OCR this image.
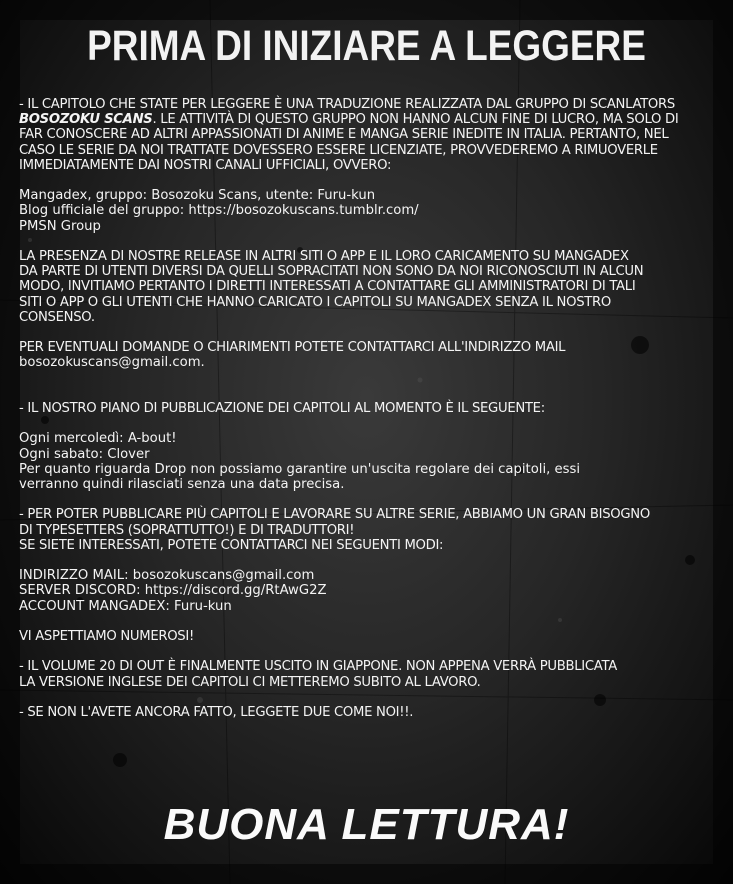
PRIMA DI INIZIARE A LEGGERE
- IL CAPITOLO CHE STATE PER LEGGERE È UNA TRADUZIONE REALIZZATA DAL GRUPPO DI SCANLATORS
BOSOZOKU SCANS. LE ATTIVITÀ DI QUESTO GRUPPO NON HANNO ALCUN FINE DI LUCRO, MA SOLO DI
FAR CONOSCERE AD ALTRI APPASSIONATI DI ANIME E MANGA SERIE INEDITE IN ITALIA. PERTANTO, NEL
CASO LE SERIE DA NOI TRATTATE DOVESSERO ESSERE LICENZIATE, PROVVEDEREMO A RIMUOVERLE
IMMEDIATAMENTE DAI NOSTRI CANALI UFFICIALI, OVVERO:
Mangadex, gruppo: Bosozoku Scans, utente: Furu-kun
Blog ufficiale del gruppo: https://bosozokuscans.tumblr.com/
PMSN Group
LA PRESENZA DI NOSTRE RELEASE IN ALTRI SITI O APP E IL LORO CARICAMENTO SU MANGADEX
DA PARTE DI UTENTI DIVERSI DA QUELLI SOPRACITATI NON SONO DA NOI RICONOSCIUTI IN ALCUN
MODO, INVITIAMO PERTANTO I DIRETTI INTERESSATI A CONTATTARE GLI AMMINISTRATORI DI TALI
SITI O APP O GLI UTENTI CHE HANNO CARICATO I CAPITOLI SU MANGADEX SENZA IL NOSTRO
CONSENSO.
PER EVENTUALI DOMANDE O CHIARIMENTI POTETE CONTATTARCI ALL'INDIRIZZO MAIL
bosozokuscans@gmail.com.
- IL NOSTRO PIANO DI PUBBLICAZIONE DEI CAPITOLI AL MOMENTO È IL SEGUENTE:
Ogni mercoledì: A-bout!
Ogni sabato: Clover
Per quanto riguarda Drop non possiamo garantire un'uscita regolare dei capitoli, essi
verranno quindi rilasciati senza una data precisa.
- PER POTER PUBBLICARE PIÙ CAPITOLI E LAVORARE SU ALTRE SERIE, ABBIAMO UN GRAN BISOGNO
DI TYPESETTERS (SOPRATTUTTO!) E DI TRADUTTORI!
SE SIETE INTERESSATI, POTETE CONTATTARCI NEI SEGUENTI MODI:
INDIRIZZO MAIL: bosozokuscans@gmail.com
SERVER DISCORD: https://discord.gg/RtAwG2Z
ACCOUNT MANGADEX: Furu-kun
VI ASPETTIAMO NUMEROSI!
- IL VOLUME 20 DI OUT È FINALMENTE USCITO IN GIAPPONE. NON APPENA VERRÀ PUBBLICATA
LA VERSIONE INGLESE DEI CAPITOLI CI METTEREMO SUBITO AL LAVORO.
- SE NON L'AVETE ANCORA FATTO, LEGGETE DUE COME NOI!!.
BUONA LETTURA!
